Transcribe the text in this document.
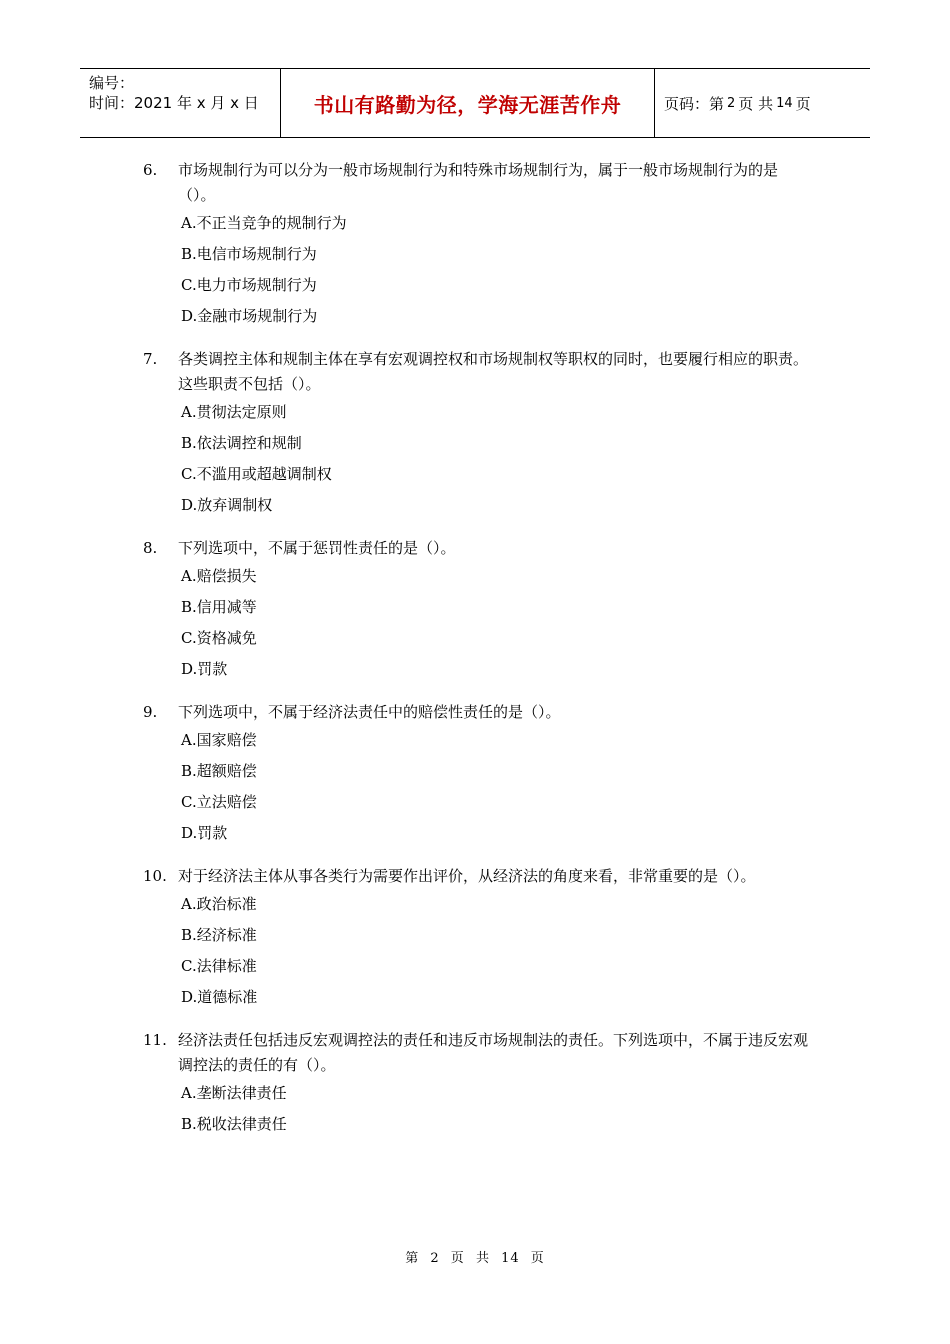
编号：
时间：2021 年 x 月 x 日	书山有路勤为径，学海无涯苦作舟	页码：第 2 页 共 14 页
6. 市场规制行为可以分为一般市场规制行为和特殊市场规制行为，属于一般市场规制行为的是（）。
A.不正当竞争的规制行为
B.电信市场规制行为
C.电力市场规制行为
D.金融市场规制行为
7. 各类调控主体和规制主体在享有宏观调控权和市场规制权等职权的同时，也要履行相应的职责。这些职责不包括（）。
A.贯彻法定原则
B.依法调控和规制
C.不滥用或超越调制权
D.放弃调制权
8. 下列选项中，不属于惩罚性责任的是（）。
A.赔偿损失
B.信用减等
C.资格减免
D.罚款
9. 下列选项中，不属于经济法责任中的赔偿性责任的是（）。
A.国家赔偿
B.超额赔偿
C.立法赔偿
D.罚款
10. 对于经济法主体从事各类行为需要作出评价，从经济法的角度来看，非常重要的是（）。
A.政治标准
B.经济标准
C.法律标准
D.道德标准
11. 经济法责任包括违反宏观调控法的责任和违反市场规制法的责任。下列选项中，不属于违反宏观调控法的责任的有（）。
A.垄断法律责任
B.税收法律责任
第 2 页 共 14 页
